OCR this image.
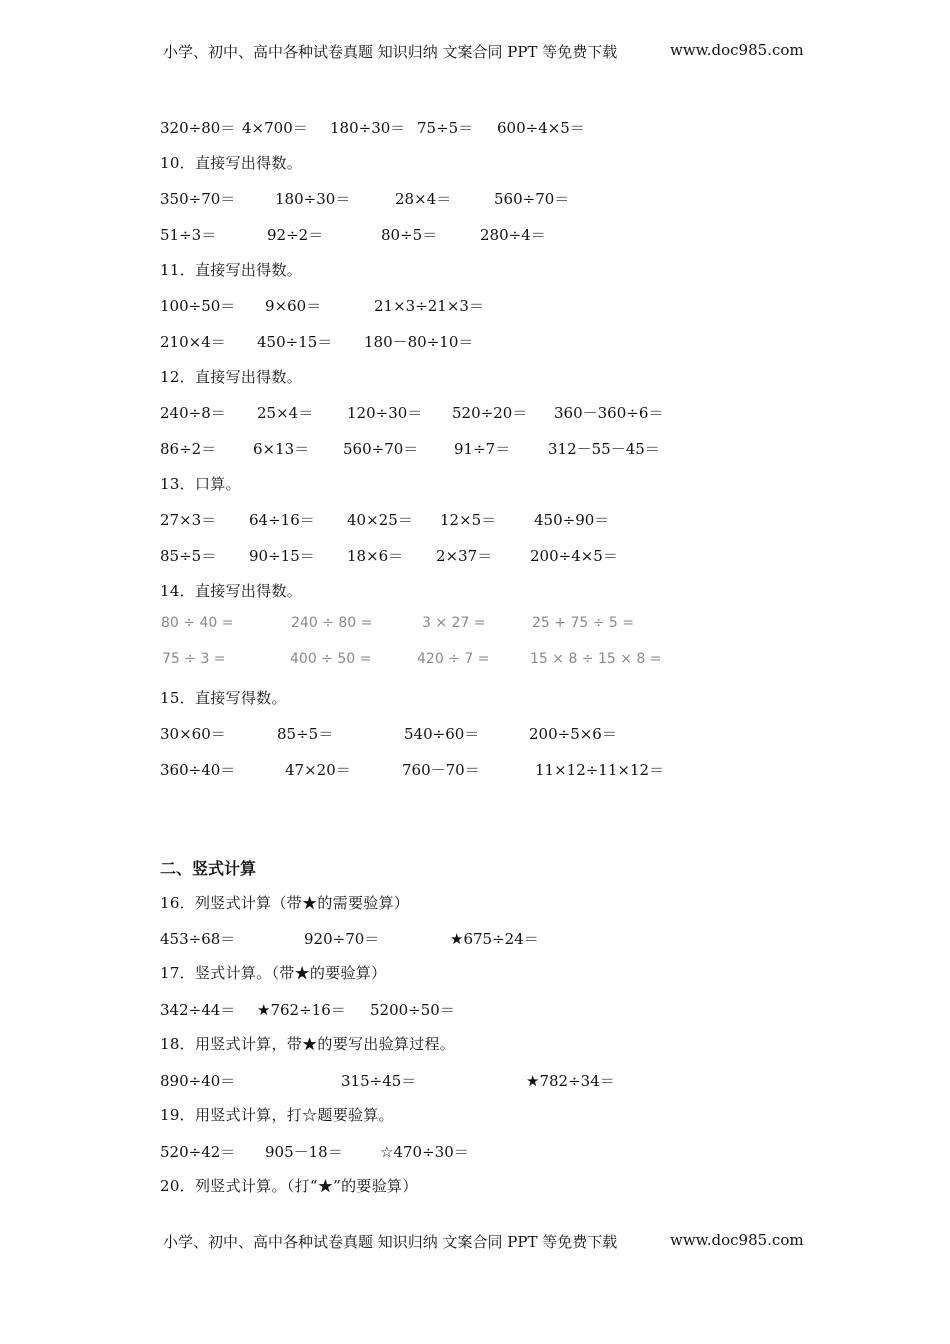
小学、初中、高中各种试卷真题 知识归纳 文案合同 PPT 等免费下载	www.doc985.com
320÷80＝ 4×700＝ 180÷30＝ 75÷5＝ 600÷4×5＝
10．直接写出得数。
350÷70＝	180÷30＝	28×4＝	560÷70＝
51÷3＝	92÷2＝	80÷5＝	280÷4＝
11．直接写出得数。
100÷50＝ 9×60＝	21×3÷21×3＝
210×4＝ 450÷15＝ 180－80÷10＝
12．直接写出得数。
240÷8＝ 25×4＝ 120÷30＝ 520÷20＝ 360－360÷6＝
86÷2＝ 6×13＝ 560÷70＝ 91÷7＝	312－55－45＝
13．口算。
27×3＝ 64÷16＝ 40×25＝ 12×5＝	450÷90＝
85÷5＝ 90÷15＝ 18×6＝ 2×37＝	200÷4×5＝
14．直接写出得数。
80 ÷ 40 =	240 ÷ 80 =	3 × 27 =	25 + 75 ÷ 5 =
75 ÷ 3 =	400 ÷ 50 =	420 ÷ 7 =	15 × 8 ÷ 15 × 8 =
15．直接写得数。
30×60＝	85÷5＝	540÷60＝	200÷5×6＝
360÷40＝	47×20＝	760－70＝	11×12÷11×12＝
二、竖式计算
16．列竖式计算（带★的需要验算）
453÷68＝	920÷70＝	★675÷24＝
17．竖式计算。（带★的要验算）
342÷44＝ ★762÷16＝ 5200÷50＝
18．用竖式计算，带★的要写出验算过程。
890÷40＝	315÷45＝	★782÷34＝
19．用竖式计算，打☆题要验算。
520÷42＝ 905－18＝ ☆470÷30＝
20．列竖式计算。（打“★”的要验算）
小学、初中、高中各种试卷真题 知识归纳 文案合同 PPT 等免费下载	www.doc985.com
